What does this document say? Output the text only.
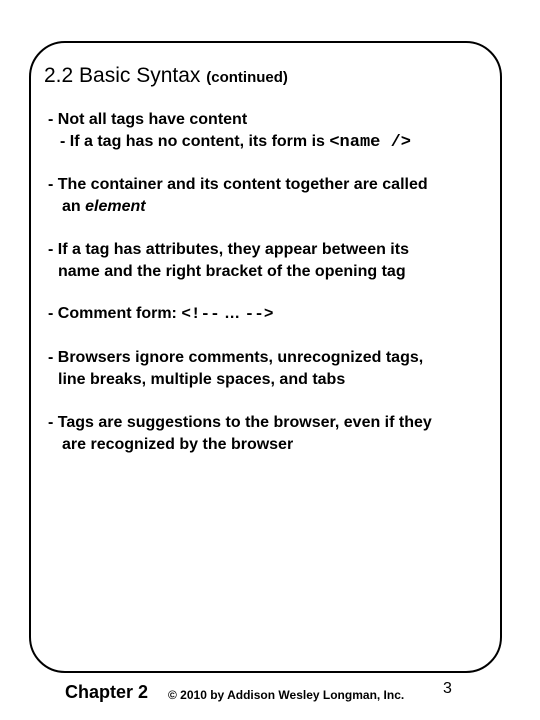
2.2 Basic Syntax (continued)
- Not all tags have content
- If a tag has no content, its form is <name />
- The container and its content together are called
an element
- If a tag has attributes, they appear between its
name and the right bracket of the opening tag
- Comment form: <!-- … -->
- Browsers ignore comments, unrecognized tags,
line breaks, multiple spaces, and tabs
- Tags are suggestions to the browser, even if they
are recognized by the browser
Chapter 2 © 2010 by Addison Wesley Longman, Inc. 3
